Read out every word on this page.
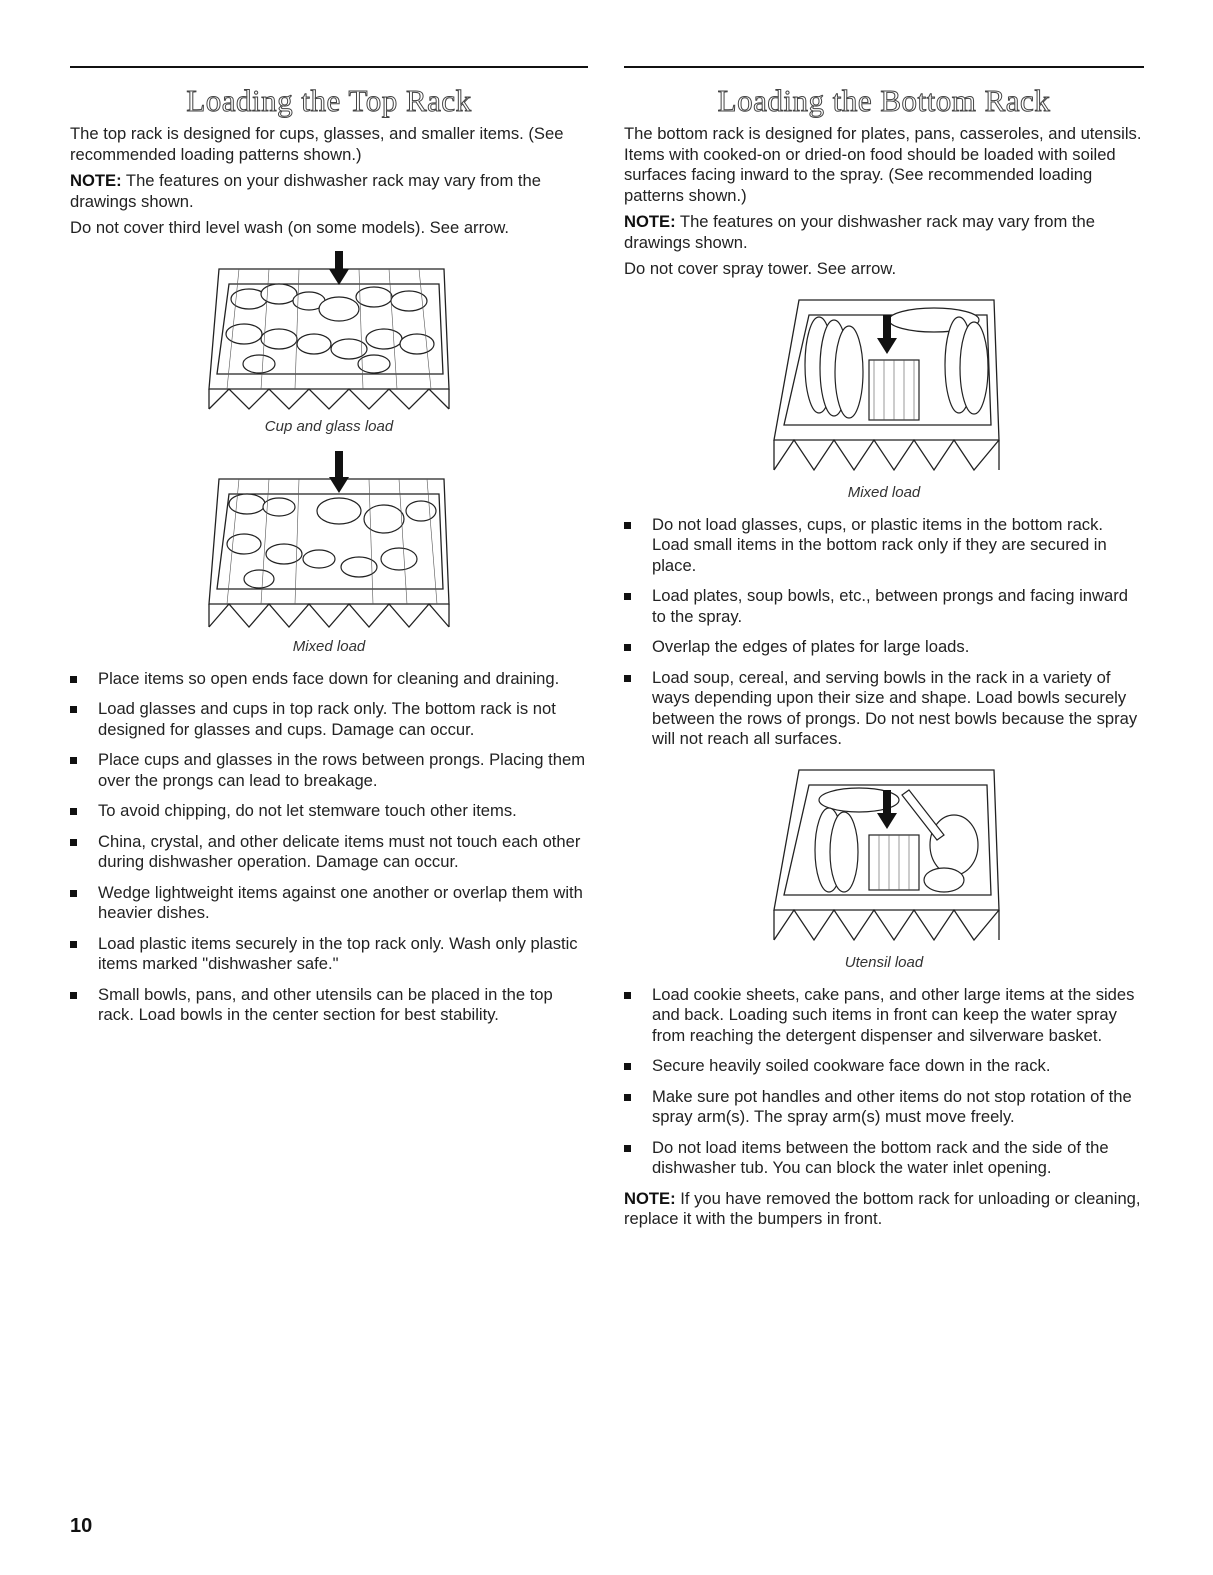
Loading the Top Rack

The top rack is designed for cups, glasses, and smaller items. (See recommended loading patterns shown.)

NOTE: The features on your dishwasher rack may vary from the drawings shown.

Do not cover third level wash (on some models). See arrow.

Cup and glass load
Mixed load
Place items so open ends face down for cleaning and draining.
Load glasses and cups in top rack only. The bottom rack is not designed for glasses and cups. Damage can occur.
Place cups and glasses in the rows between prongs. Placing them over the prongs can lead to breakage.
To avoid chipping, do not let stemware touch other items.
China, crystal, and other delicate items must not touch each other during dishwasher operation. Damage can occur.
Wedge lightweight items against one another or overlap them with heavier dishes.
Load plastic items securely in the top rack only. Wash only plastic items marked "dishwasher safe."
Small bowls, pans, and other utensils can be placed in the top rack. Load bowls in the center section for best stability.
Loading the Bottom Rack

The bottom rack is designed for plates, pans, casseroles, and utensils. Items with cooked-on or dried-on food should be loaded with soiled surfaces facing inward to the spray. (See recommended loading patterns shown.)

NOTE: The features on your dishwasher rack may vary from the drawings shown.

Do not cover spray tower. See arrow.

Mixed load
Do not load glasses, cups, or plastic items in the bottom rack. Load small items in the bottom rack only if they are secured in place.
Load plates, soup bowls, etc., between prongs and facing inward to the spray.
Overlap the edges of plates for large loads.
Load soup, cereal, and serving bowls in the rack in a variety of ways depending upon their size and shape. Load bowls securely between the rows of prongs. Do not nest bowls because the spray will not reach all surfaces.
Utensil load
Load cookie sheets, cake pans, and other large items at the sides and back. Loading such items in front can keep the water spray from reaching the detergent dispenser and silverware basket.
Secure heavily soiled cookware face down in the rack.
Make sure pot handles and other items do not stop rotation of the spray arm(s). The spray arm(s) must move freely.
Do not load items between the bottom rack and the side of the dishwasher tub. You can block the water inlet opening.

NOTE: If you have removed the bottom rack for unloading or cleaning, replace it with the bumpers in front.

10
